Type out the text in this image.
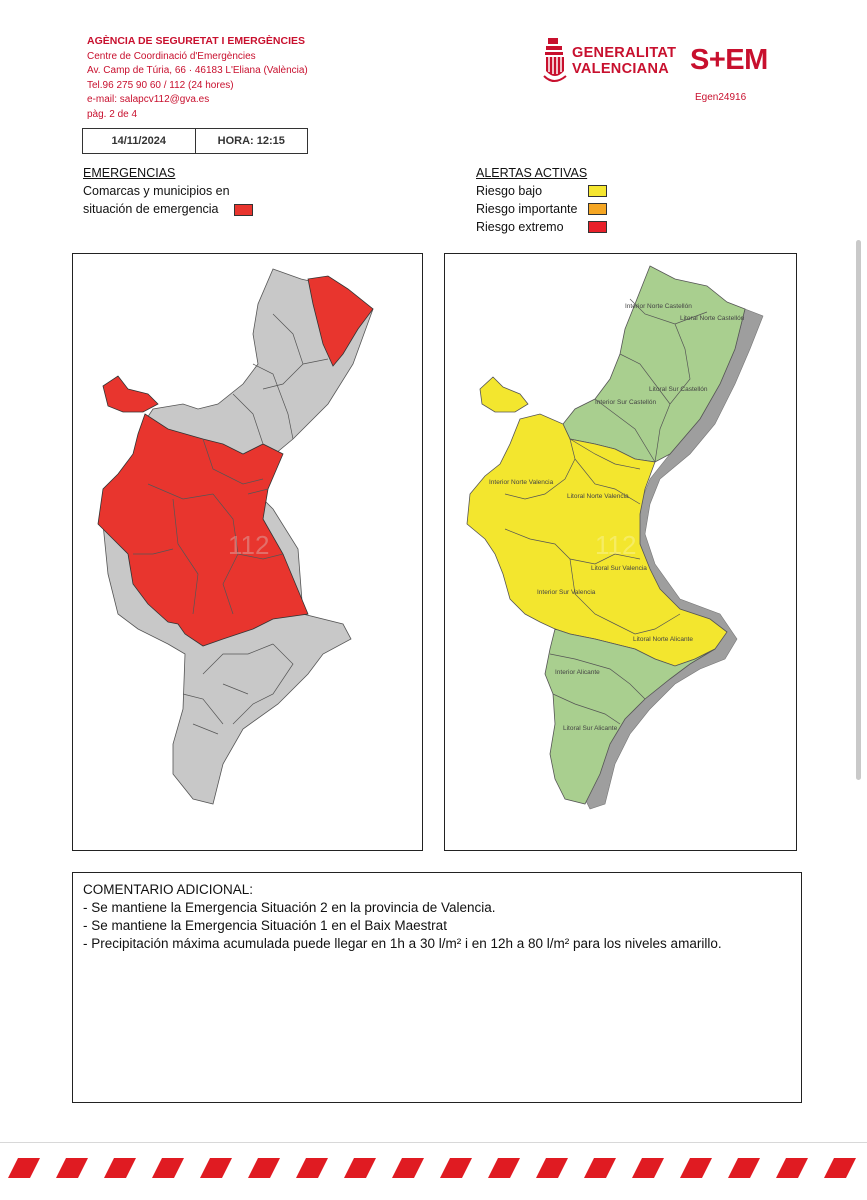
AGÈNCIA DE SEGURETAT I EMERGÈNCIES
Centre de Coordinació d'Emergències
Av. Camp de Túria, 66 · 46183 L'Eliana (València)
Tel.96 275 90 60 / 112 (24 hores)
e-mail: salapcv112@gva.es
pàg. 2 de 4
GENERALITAT
VALENCIANA S+EM
Egen24916
14/11/2024	HORA: 12:15
EMERGENCIAS
Comarcas y municipios en
situación de emergencia
ALERTAS ACTIVAS
Riesgo bajo
Riesgo importante
Riesgo extremo
112	112
Interior Norte Castellón
Litoral Norte Castellón
Litoral Sur Castellón
Interior Sur Castellón
Interior Norte Valencia
Litoral Norte Valencia
Litoral Sur Valencia
Interior Sur Valencia
Litoral Norte Alicante
Interior Alicante
Litoral Sur Alicante

COMENTARIO ADICIONAL:

- Se mantiene la Emergencia Situación 2 en la provincia de Valencia.

- Se mantiene la Emergencia Situación 1 en el Baix Maestrat

- Precipitación máxima acumulada puede llegar en 1h a 30 l/m² i en 12h a 80 l/m² para los niveles amarillo.
